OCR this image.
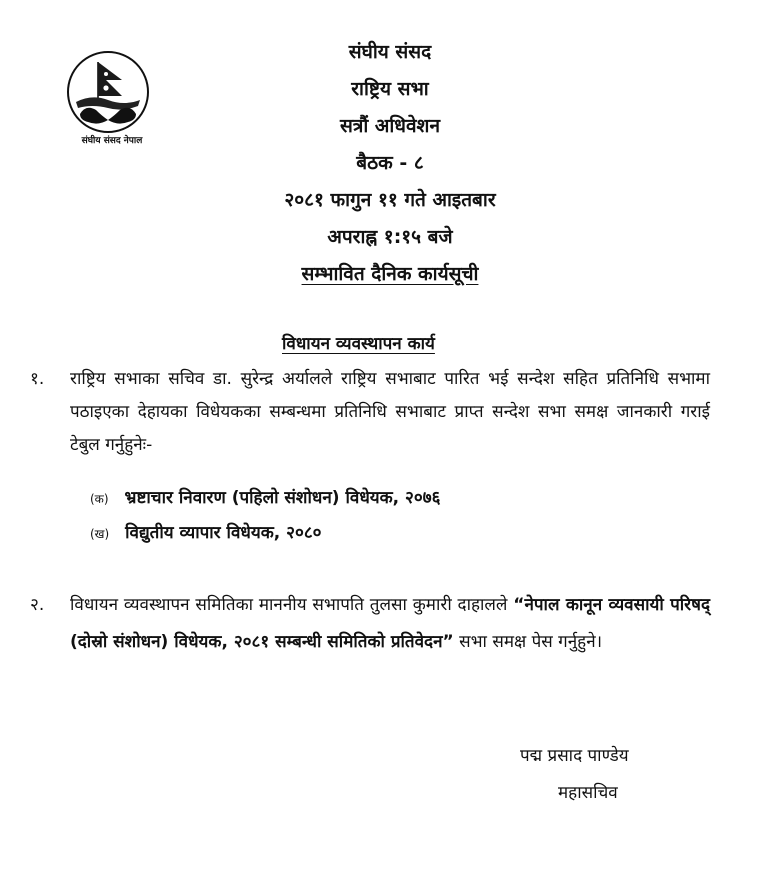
संघीय संसद नेपाल
संघीय संसद
राष्ट्रिय सभा
सत्रौं अधिवेशन
बैठक - ८
२०८१ फागुन ११ गते आइतबार
अपराह्न १:१५ बजे
सम्भावित दैनिक कार्यसूची
विधायन व्यवस्थापन कार्य
१.	राष्ट्रिय सभाका सचिव डा. सुरेन्द्र अर्यालले राष्ट्रिय सभाबाट पारित भई सन्देश सहित प्रतिनिधि सभामा पठाइएका देहायका विधेयकका सम्बन्धमा प्रतिनिधि सभाबाट प्राप्त सन्देश सभा समक्ष जानकारी गराई टेबुल गर्नुहुनेः-
(क) भ्रष्टाचार निवारण (पहिलो संशोधन) विधेयक, २०७६
(ख) विद्युतीय व्यापार विधेयक, २०८०
२.	विधायन व्यवस्थापन समितिका माननीय सभापति तुलसा कुमारी दाहालले “नेपाल कानून व्यवसायी परिषद् (दोस्रो संशोधन) विधेयक, २०८१ सम्बन्धी समितिको प्रतिवेदन” सभा समक्ष पेस गर्नुहुने।
पद्म प्रसाद पाण्डेय
महासचिव
